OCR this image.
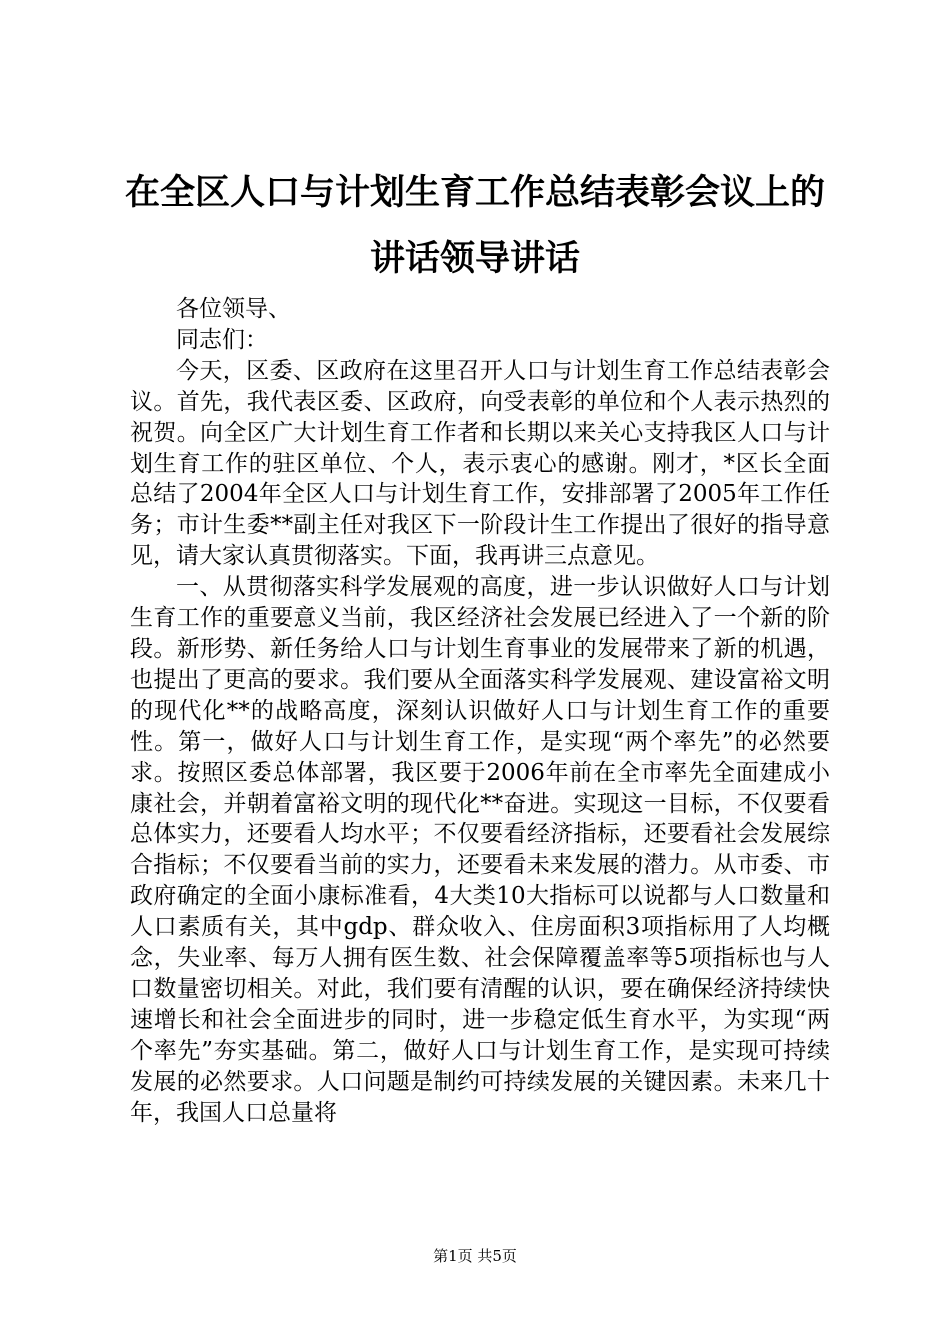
在全区人口与计划生育工作总结表彰会议上的
讲话领导讲话

各位领导、

同志们：

今天，区委、区政府在这里召开人口与计划生育工作总结表彰会议。首先，我代表区委、区政府，向受表彰的单位和个人表示热烈的祝贺。向全区广大计划生育工作者和长期以来关心支持我区人口与计划生育工作的驻区单位、个人，表示衷心的感谢。刚才，*区长全面总结了2004年全区人口与计划生育工作，安排部署了2005年工作任务；市计生委**副主任对我区下一阶段计生工作提出了很好的指导意见，请大家认真贯彻落实。下面，我再讲三点意见。

一、从贯彻落实科学发展观的高度，进一步认识做好人口与计划生育工作的重要意义当前，我区经济社会发展已经进入了一个新的阶段。新形势、新任务给人口与计划生育事业的发展带来了新的机遇，也提出了更高的要求。我们要从全面落实科学发展观、建设富裕文明的现代化**的战略高度，深刻认识做好人口与计划生育工作的重要性。第一，做好人口与计划生育工作，是实现“两个率先”的必然要求。按照区委总体部署，我区要于2006年前在全市率先全面建成小康社会，并朝着富裕文明的现代化**奋进。实现这一目标，不仅要看总体实力，还要看人均水平；不仅要看经济指标，还要看社会发展综合指标；不仅要看当前的实力，还要看未来发展的潜力。从市委、市政府确定的全面小康标准看，4大类10大指标可以说都与人口数量和人口素质有关，其中gdp、群众收入、住房面积3项指标用了人均概念，失业率、每万人拥有医生数、社会保障覆盖率等5项指标也与人口数量密切相关。对此，我们要有清醒的认识，要在确保经济持续快速增长和社会全面进步的同时，进一步稳定低生育水平，为实现“两个率先”夯实基础。第二，做好人口与计划生育工作，是实现可持续发展的必然要求。人口问题是制约可持续发展的关键因素。未来几十年，我国人口总量将

第1页 共5页
